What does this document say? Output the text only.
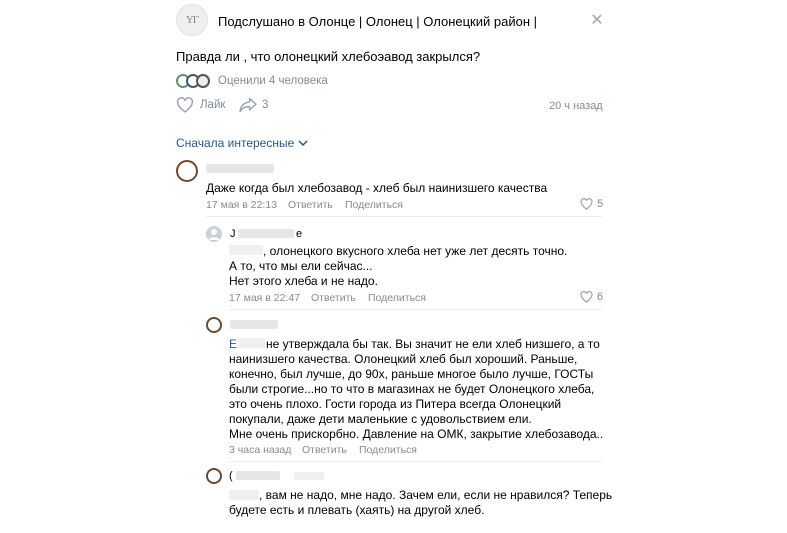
ҮГ Подслушано в Олонце | Олонец | Олонецкий район |	✕
Правда ли , что олонецкий хлебоэавод закрылся?
Оценили 4 человека
Лайк	3	20 ч назад
Сначала интересные
Даже когда был хлебозавод - хлеб был наинизшего качества
17 мая в 22:13 Ответить Поделиться	5
J	e
, олонецкого вкусного хлеба нет уже лет десять точно.
А то, что мы ели сейчас...
Нет этого хлеба и не надо.
17 мая в 22:47 Ответить Поделиться	6
Е не утверждала бы так. Вы значит не ели хлеб низшего, а то
наинизшего качества. Олонецкий хлеб был хороший. Раньше,
конечно, был лучше, до 90х, раньше многое было лучше, ГОСТы
были строгие...но то что в магазинах не будет Олонецкого хлеба,
это очень плохо. Гости города из Питера всегда Олонецкий
покупали, даже дети маленькие с удовольствием ели.
Мне очень прискорбно. Давление на ОМК, закрытие хлебозавода..
3 часа назад Ответить Поделиться
(
, вам не надо, мне надо. Зачем ели, если не нравился? Теперь
будете есть и плевать (хаять) на другой хлеб.
